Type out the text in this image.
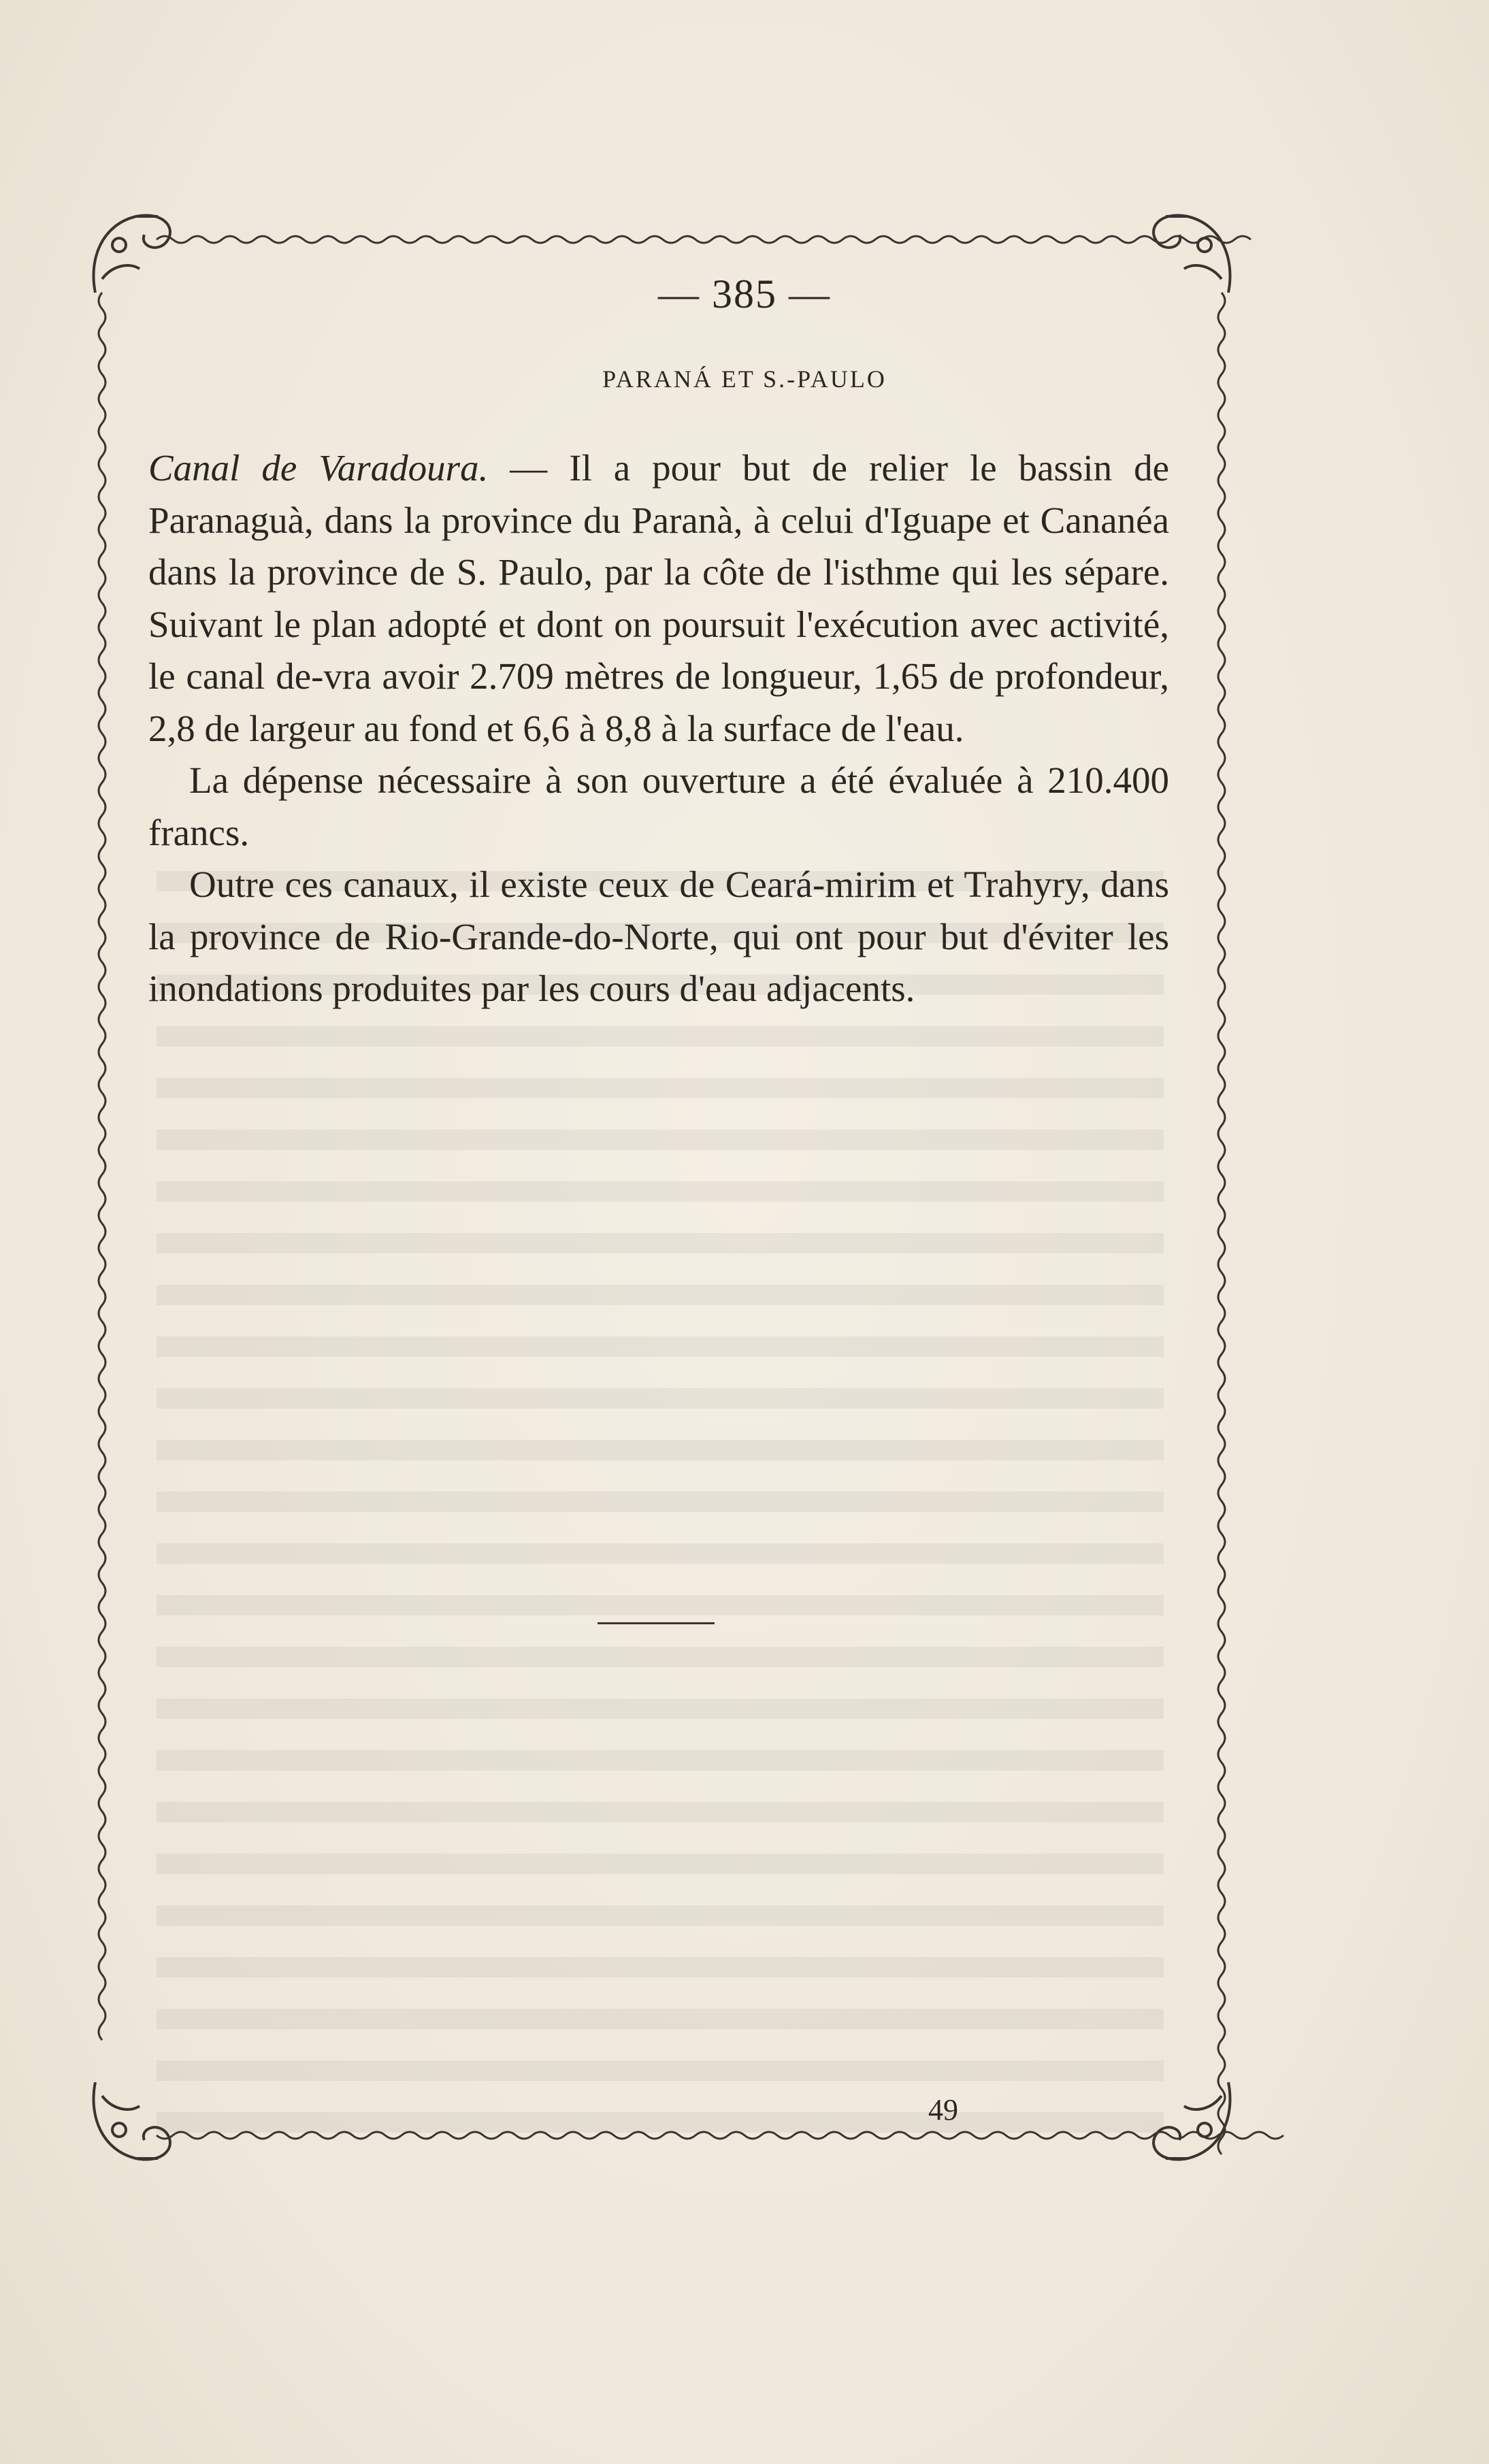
— 385 —
PARANÁ ET S.-PAULO

Canal de Varadoura. — Il a pour but de relier le bassin de Paranaguà, dans la province du Paranà, à celui d'Iguape et Cananéa dans la province de S. Paulo, par la côte de l'isthme qui les sépare. Suivant le plan adopté et dont on poursuit l'exécution avec activité, le canal de-vra avoir 2.709 mètres de longueur, 1,65 de profondeur, 2,8 de largeur au fond et 6,6 à 8,8 à la surface de l'eau.

La dépense nécessaire à son ouverture a été évaluée à 210.400 francs.

Outre ces canaux, il existe ceux de Ceará-mirim et Trahyry, dans la province de Rio-Grande-do-Norte, qui ont pour but d'éviter les inondations produites par les cours d'eau adjacents.

49
